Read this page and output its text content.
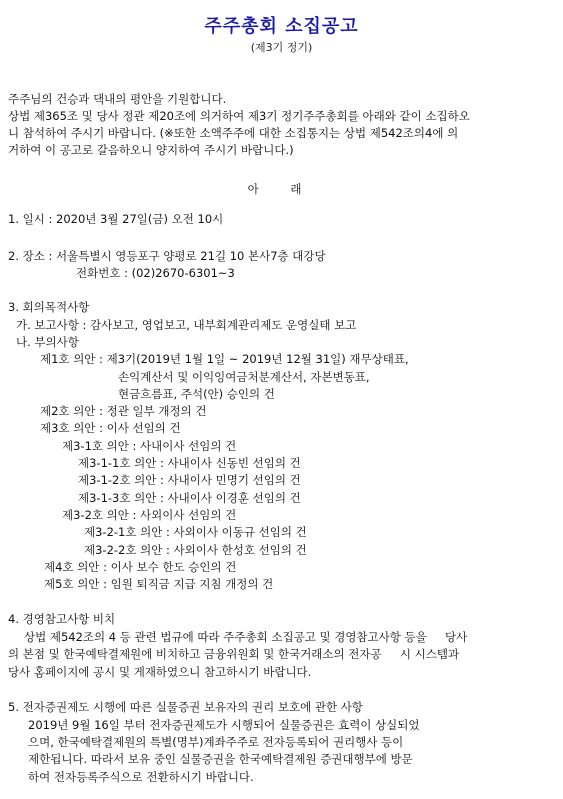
주주총회 소집공고
(제3기 정기)
주주님의 건승과 댁내의 평안을 기원합니다.
상법 제365조 및 당사 정관 제20조에 의거하여 제3기 정기주주총회를 아래와 같이 소집하오
니 참석하여 주시기 바랍니다. (※또한 소액주주에 대한 소집통지는 상법 제542조의4에 의
거하여 이 공고로 갈음하오니 양지하여 주시기 바랍니다.)
아 래
1. 일시 : 2020년 3월 27일(금) 오전 10시
2. 장소 : 서울특별시 영등포구 양평로 21길 10 본사7층 대강당
전화번호 : (02)2670-6301~3
3. 회의목적사항
가. 보고사항 : 감사보고, 영업보고, 내부회계관리제도 운영실태 보고
나. 부의사항
제1호 의안 : 제3기(2019년 1월 1일 ~ 2019년 12월 31일) 재무상태표,
손익계산서 및 이익잉여금처분계산서, 자본변동표,
현금흐름표, 주석(안) 승인의 건
제2호 의안 : 정관 일부 개정의 건
제3호 의안 : 이사 선임의 건
제3-1호 의안 : 사내이사 선임의 건
제3-1-1호 의안 : 사내이사 신동빈 선임의 건
제3-1-2호 의안 : 사내이사 민명기 선임의 건
제3-1-3호 의안 : 사내이사 이경훈 선임의 건
제3-2호 의안 : 사외이사 선임의 건
제3-2-1호 의안 : 사외이사 이동규 선임의 건
제3-2-2호 의안 : 사외이사 한성호 선임의 건
제4호 의안 : 이사 보수 한도 승인의 건
제5호 의안 : 임원 퇴직금 지급 지침 개정의 건
4. 경영참고사항 비치
상법 제542조의 4 등 관련 법규에 따라 주주총회 소집공고 및 경영참고사항 등을     당사
의 본점 및 한국예탁결제원에 비치하고 금융위원회 및 한국거래소의 전자공     시 시스템과
당사 홈페이지에 공시 및 게재하였으니 참고하시기 바랍니다.
5. 전자증권제도 시행에 따른 실물증권 보유자의 권리 보호에 관한 사항
2019년 9월 16일 부터 전자증권제도가 시행되어 실물증권은 효력이 상실되었
으며, 한국예탁결제원의 특별(명부)계좌주주로 전자등록되어 권리행사 등이
제한됩니다. 따라서 보유 중인 실물증권을 한국예탁결제원 증권대행부에 방문
하여 전자등록주식으로 전환하시기 바랍니다.
